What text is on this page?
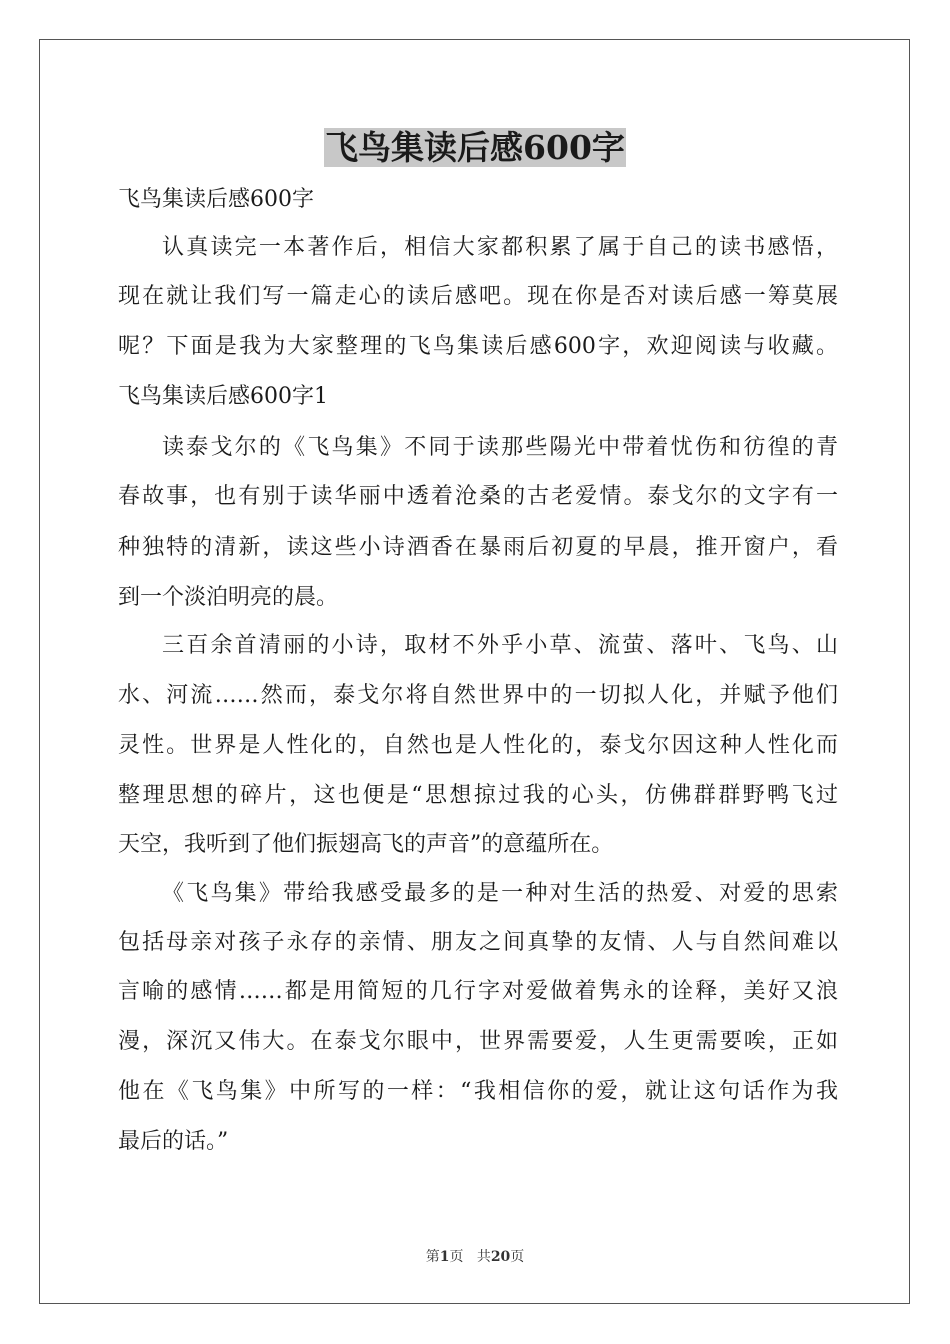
飞鸟集读后感600字
飞鸟集读后感600字
认真读完一本著作后，相信大家都积累了属于自己的读书感悟，
现在就让我们写一篇走心的读后感吧。现在你是否对读后感一筹莫展
呢？下面是我为大家整理的飞鸟集读后感600字，欢迎阅读与收藏。
飞鸟集读后感600字1
读泰戈尔的《飞鸟集》不同于读那些陽光中带着忧伤和彷徨的青
春故事，也有别于读华丽中透着沧桑的古老爱情。泰戈尔的文字有一
种独特的清新，读这些小诗酒香在暴雨后初夏的早晨，推开窗户，看
到一个淡泊明亮的晨。
三百余首清丽的小诗，取材不外乎小草、流萤、落叶、飞鸟、山
水、河流……然而，泰戈尔将自然世界中的一切拟人化，并赋予他们
灵性。世界是人性化的，自然也是人性化的，泰戈尔因这种人性化而
整理思想的碎片，这也便是“思想掠过我的心头，仿佛群群野鸭飞过
天空，我听到了他们振翅高飞的声音”的意蕴所在。
《飞鸟集》带给我感受最多的是一种对生活的热爱、对爱的思索
包括母亲对孩子永存的亲情、朋友之间真挚的友情、人与自然间难以
言喻的感情……都是用简短的几行字对爱做着隽永的诠释，美好又浪
漫，深沉又伟大。在泰戈尔眼中，世界需要爱，人生更需要唉，正如
他在《飞鸟集》中所写的一样：“我相信你的爱，就让这句话作为我
最后的话。”
第1页 共20页
